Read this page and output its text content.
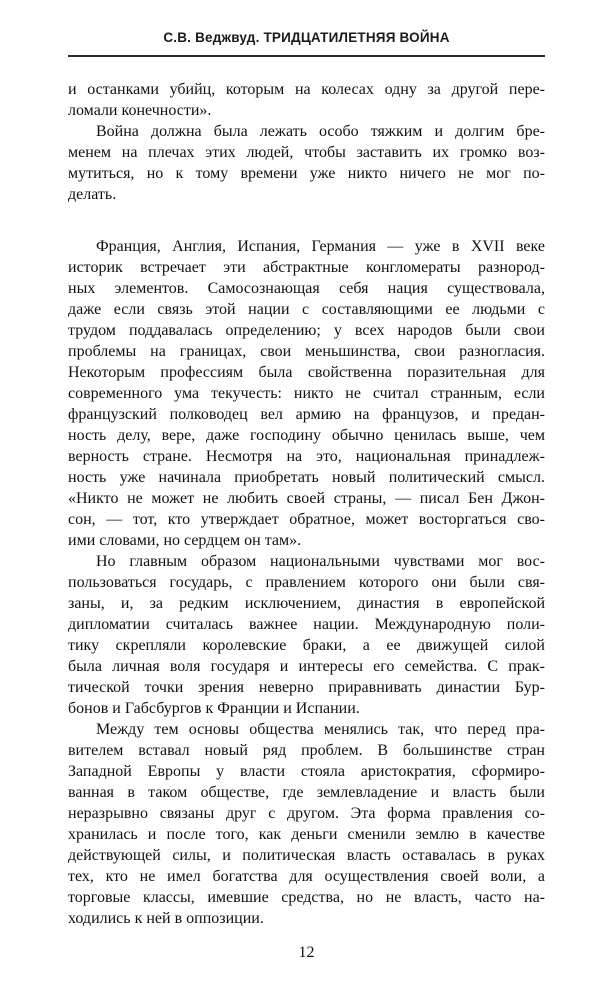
С.В. Веджвуд. ТРИДЦАТИЛЕТНЯЯ ВОЙНА
и останками убийц, которым на колесах одну за другой пере-
ломали конечности».
Война должна была лежать особо тяжким и долгим бре-
менем на плечах этих людей, чтобы заставить их громко воз-
мутиться, но к тому времени уже никто ничего не мог по-
делать.
Франция, Англия, Испания, Германия — уже в XVII веке
историк встречает эти абстрактные конгломераты разнород-
ных элементов. Самосознающая себя нация существовала,
даже если связь этой нации с составляющими ее людьми с
трудом поддавалась определению; у всех народов были свои
проблемы на границах, свои меньшинства, свои разногласия.
Некоторым профессиям была свойственна поразительная для
современного ума текучесть: никто не считал странным, если
французский полководец вел армию на французов, и предан-
ность делу, вере, даже господину обычно ценилась выше, чем
верность стране. Несмотря на это, национальная принадлеж-
ность уже начинала приобретать новый политический смысл.
«Никто не может не любить своей страны, — писал Бен Джон-
сон, — тот, кто утверждает обратное, может восторгаться сво-
ими словами, но сердцем он там».
Но главным образом национальными чувствами мог вос-
пользоваться государь, с правлением которого они были свя-
заны, и, за редким исключением, династия в европейской
дипломатии считалась важнее нации. Международную поли-
тику скрепляли королевские браки, а ее движущей силой
была личная воля государя и интересы его семейства. С прак-
тической точки зрения неверно приравнивать династии Бур-
бонов и Габсбургов к Франции и Испании.
Между тем основы общества менялись так, что перед пра-
вителем вставал новый ряд проблем. В большинстве стран
Западной Европы у власти стояла аристократия, сформиро-
ванная в таком обществе, где землевладение и власть были
неразрывно связаны друг с другом. Эта форма правления со-
хранилась и после того, как деньги сменили землю в качестве
действующей силы, и политическая власть оставалась в руках
тех, кто не имел богатства для осуществления своей воли, а
торговые классы, имевшие средства, но не власть, часто на-
ходились к ней в оппозиции.
12
